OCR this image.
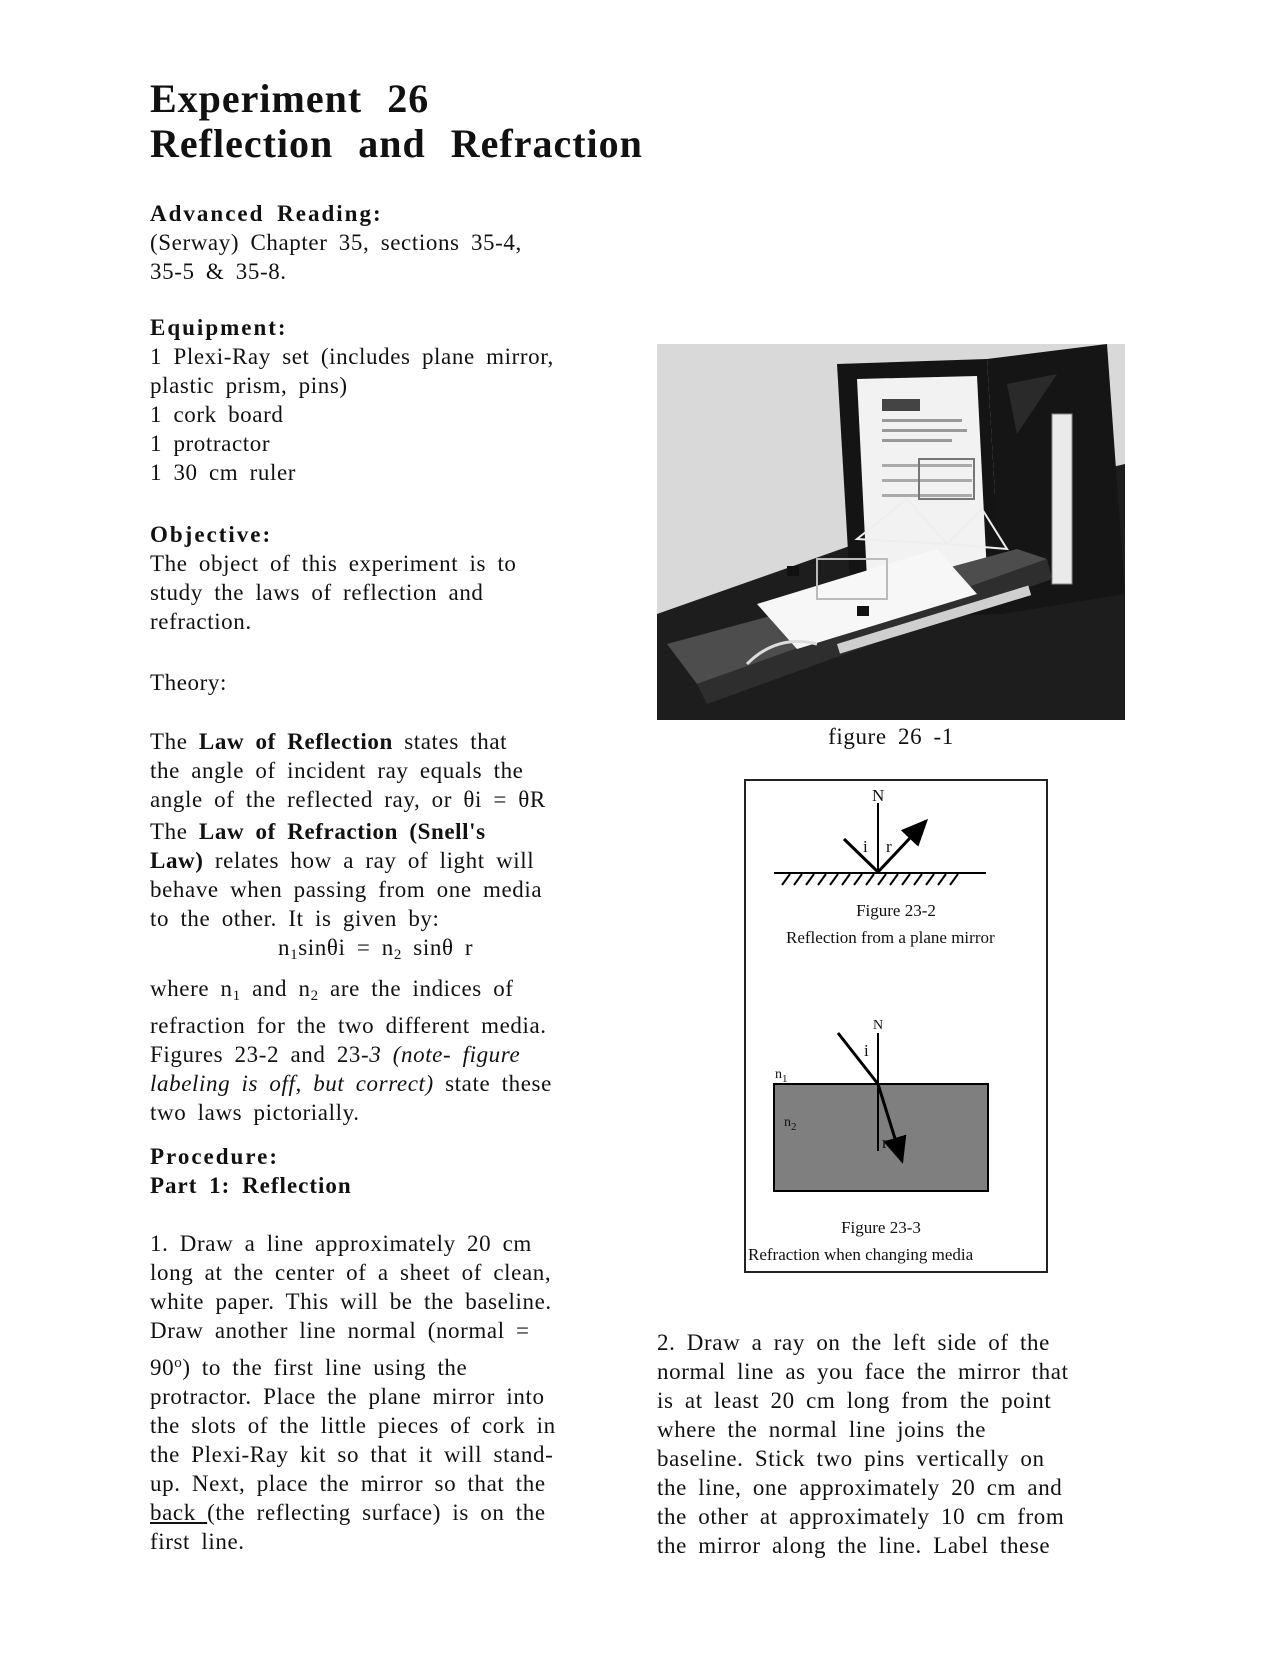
Experiment 26
Reflection and Refraction
Advanced Reading:
(Serway) Chapter 35, sections 35-4,
35-5 & 35-8.
Equipment:
1 Plexi-Ray set (includes plane mirror,
plastic prism, pins)
1 cork board
1 protractor
1 30 cm ruler
Objective:
The object of this experiment is to
study the laws of reflection and
refraction.
Theory:
The Law of Reflection states that
the angle of incident ray equals the
angle of the reflected ray, or θi = θR
The Law of Refraction (Snell's
Law) relates how a ray of light will
behave when passing from one media
to the other. It is given by:
$n_1\sin\theta i = n_2$ sinθ r
where $n_1$ and $n_2$ are the indices of
refraction for the two different media.
Figures 23-2 and 23-3 (note- figure
labeling is off, but correct) state these
two laws pictorially.
Procedure:
Part 1: Reflection
1. Draw a line approximately 20 cm
long at the center of a sheet of clean,
white paper. This will be the baseline.
Draw another line normal (normal =
$90^o$) to the first line using the
protractor. Place the plane mirror into
the slots of the little pieces of cork in
the Plexi-Ray kit so that it will stand-
up. Next, place the mirror so that the
back (the reflecting surface) is on the
first line.
2. Draw a ray on the left side of the
normal line as you face the mirror that
is at least 20 cm long from the point
where the normal line joins the
baseline. Stick two pins vertically on
the line, one approximately 20 cm and
the other at approximately 10 cm from
the mirror along the line. Label these
figure 26 -1
N
i r
Figure 23-2
Reflection from a plane mirror
N
i
$n_1$
$n_2$
r
Figure 23-3
Refraction when changing media
